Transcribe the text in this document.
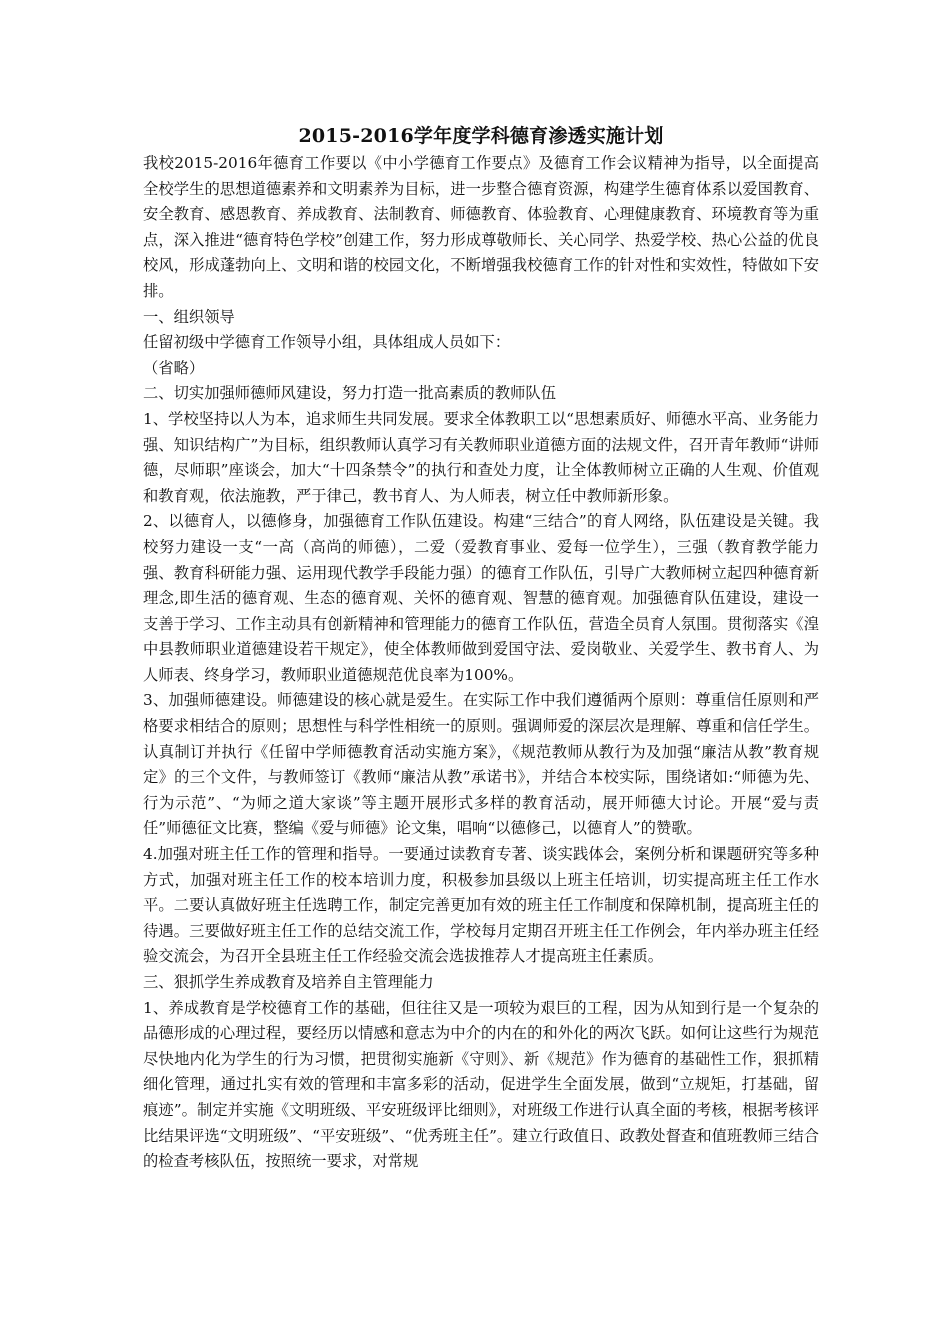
2015-2016学年度学科德育渗透实施计划

我校2015-2016年德育工作要以《中小学德育工作要点》及德育工作会议精神为指导，以全面提高全校学生的思想道德素养和文明素养为目标，进一步整合德育资源，构建学生德育体系以爱国教育、安全教育、感恩教育、养成教育、法制教育、师德教育、体验教育、心理健康教育、环境教育等为重点，深入推进“德育特色学校”创建工作，努力形成尊敬师长、关心同学、热爱学校、热心公益的优良校风，形成蓬勃向上、文明和谐的校园文化，不断增强我校德育工作的针对性和实效性，特做如下安排。

一、组织领导

任留初级中学德育工作领导小组，具体组成人员如下：

（省略）

二、切实加强师德师风建设，努力打造一批高素质的教师队伍

1、学校坚持以人为本，追求师生共同发展。要求全体教职工以“思想素质好、师德水平高、业务能力强、知识结构广”为目标，组织教师认真学习有关教师职业道德方面的法规文件，召开青年教师“讲师德，尽师职”座谈会，加大“十四条禁令”的执行和查处力度，让全体教师树立正确的人生观、价值观和教育观，依法施教，严于律己，教书育人、为人师表，树立任中教师新形象。

2、以德育人，以德修身，加强德育工作队伍建设。构建“三结合”的育人网络，队伍建设是关键。我校努力建设一支“一高（高尚的师德），二爱（爱教育事业、爱每一位学生），三强（教育教学能力强、教育科研能力强、运用现代教学手段能力强）的德育工作队伍，引导广大教师树立起四种德育新理念,即生活的德育观、生态的德育观、关怀的德育观、智慧的德育观。加强德育队伍建设，建设一支善于学习、工作主动具有创新精神和管理能力的德育工作队伍，营造全员育人氛围。贯彻落实《湟中县教师职业道德建设若干规定》，使全体教师做到爱国守法、爱岗敬业、关爱学生、教书育人、为人师表、终身学习，教师职业道德规范优良率为100%。

3、加强师德建设。师德建设的核心就是爱生。在实际工作中我们遵循两个原则：尊重信任原则和严格要求相结合的原则；思想性与科学性相统一的原则。强调师爱的深层次是理解、尊重和信任学生。认真制订并执行《任留中学师德教育活动实施方案》，《规范教师从教行为及加强“廉洁从教”教育规定》的三个文件，与教师签订《教师“廉洁从教”承诺书》，并结合本校实际，围绕诸如:“师德为先、行为示范”、“为师之道大家谈”等主题开展形式多样的教育活动，展开师德大讨论。开展“爱与责任”师德征文比赛，整编《爱与师德》论文集，唱响“以德修己，以德育人”的赞歌。

4.加强对班主任工作的管理和指导。一要通过读教育专著、谈实践体会，案例分析和课题研究等多种方式，加强对班主任工作的校本培训力度，积极参加县级以上班主任培训，切实提高班主任工作水平。二要认真做好班主任选聘工作，制定完善更加有效的班主任工作制度和保障机制，提高班主任的待遇。三要做好班主任工作的总结交流工作，学校每月定期召开班主任工作例会，年内举办班主任经验交流会，为召开全县班主任工作经验交流会选拔推荐人才提高班主任素质。

三、狠抓学生养成教育及培养自主管理能力

1、养成教育是学校德育工作的基础，但往往又是一项较为艰巨的工程，因为从知到行是一个复杂的品德形成的心理过程，要经历以情感和意志为中介的内在的和外化的两次飞跃。如何让这些行为规范尽快地内化为学生的行为习惯，把贯彻实施新《守则》、新《规范》作为德育的基础性工作，狠抓精细化管理，通过扎实有效的管理和丰富多彩的活动，促进学生全面发展，做到“立规矩，打基础，留痕迹”。制定并实施《文明班级、平安班级评比细则》，对班级工作进行认真全面的考核，根据考核评比结果评选“文明班级”、“平安班级”、“优秀班主任”。建立行政值日、政教处督查和值班教师三结合的检查考核队伍，按照统一要求，对常规
